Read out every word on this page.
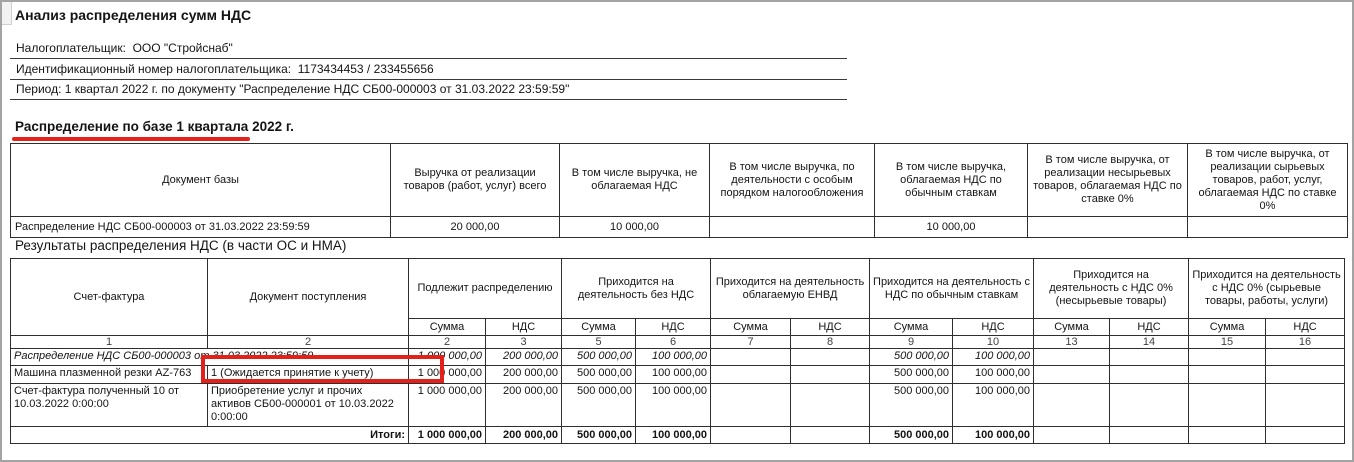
Анализ распределения сумм НДС
Налогоплательщик:  ООО "Стройснаб"
Идентификационный номер налогоплательщика:  1173434453 / 233455656
Период: 1 квартал 2022 г. по документу "Распределение НДС СБ00-000003 от 31.03.2022 23:59:59"
Распределение по базе 1 квартала 2022 г.
Документ базы	Выручка от реализации товаров (работ, услуг) всего	В том числе выручка, не облагаемая НДС	В том числе выручка, по деятельности с особым порядком налогообложения	В том числе выручка, облагаемая НДС по обычным ставкам	В том числе выручка, от реализации несырьевых товаров, облагаемая НДС по ставке 0%	В том числе выручка, от реализации сырьевых товаров, работ, услуг, облагаемая НДС по ставке 0%
Распределение НДС СБ00-000003 от 31.03.2022 23:59:59	20 000,00	10 000,00		10 000,00		
Результаты распределения НДС (в части ОС и НМА)
Счет-фактура	Документ поступления	Подлежит распределению		Приходится на деятельность без НДС		Приходится на деятельность облагаемую ЕНВД		Приходится на деятельность с НДС по обычным ставкам		Приходится на деятельность с НДС 0% (несырьевые товары)		Приходится на деятельность с НДС 0% (сырьевые товары, работы, услуги)	
		Сумма	НДС	Сумма	НДС	Сумма	НДС	Сумма	НДС	Сумма	НДС	Сумма	НДС
1	2	2	3	5	6	7	8	9	10	13	14	15	16
Распределение НДС СБ00-000003 от 31.03.2022 23:59:59		1 000 000,00	200 000,00	500 000,00	100 000,00			500 000,00	100 000,00				
Машина плазменной резки AZ-763	1 (Ожидается принятие к учету)	1 000 000,00	200 000,00	500 000,00	100 000,00			500 000,00	100 000,00				
Счет-фактура полученный 10 от 10.03.2022 0:00:00	Приобретение услуг и прочих активов СБ00-000001 от 10.03.2022 0:00:00	1 000 000,00	200 000,00	500 000,00	100 000,00			500 000,00	100 000,00				
Итоги:		1 000 000,00	200 000,00	500 000,00	100 000,00			500 000,00	100 000,00				
